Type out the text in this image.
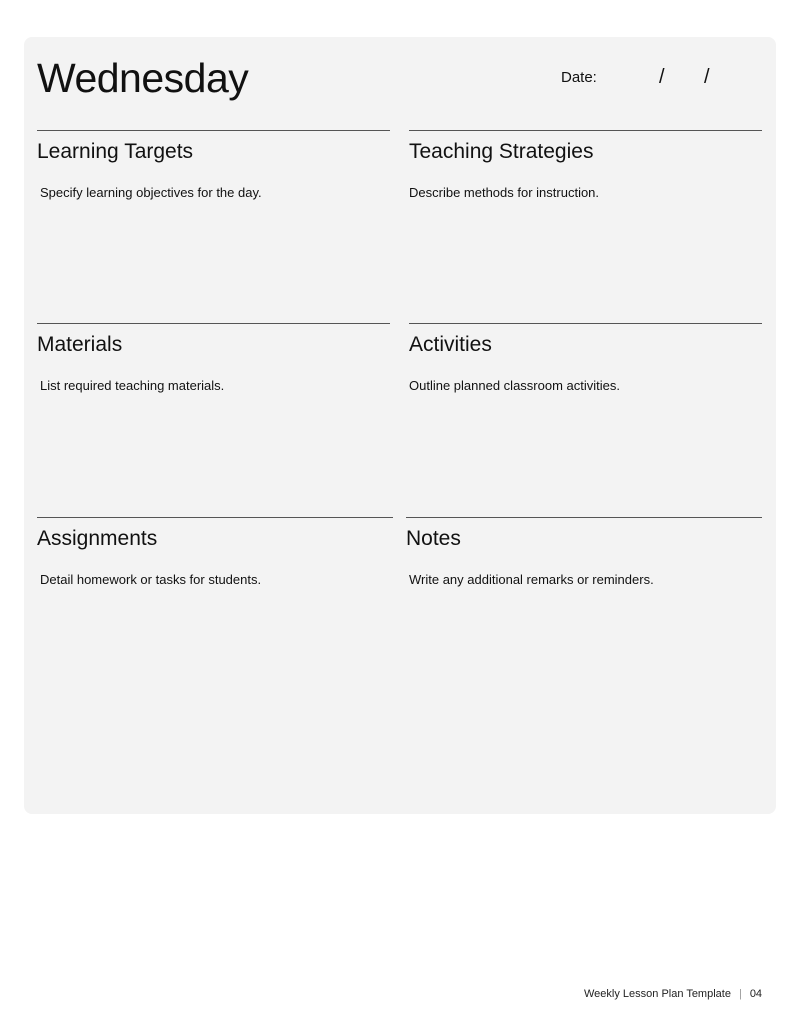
Wednesday	Date:	/ /
Learning Targets

Specify learning objectives for the day.

Teaching Strategies

Describe methods for instruction.

Materials

List required teaching materials.

Activities

Outline planned classroom activities.

Assignments

Detail homework or tasks for students.

Notes

Write any additional remarks or reminders.

Weekly Lesson Plan Template | 04
